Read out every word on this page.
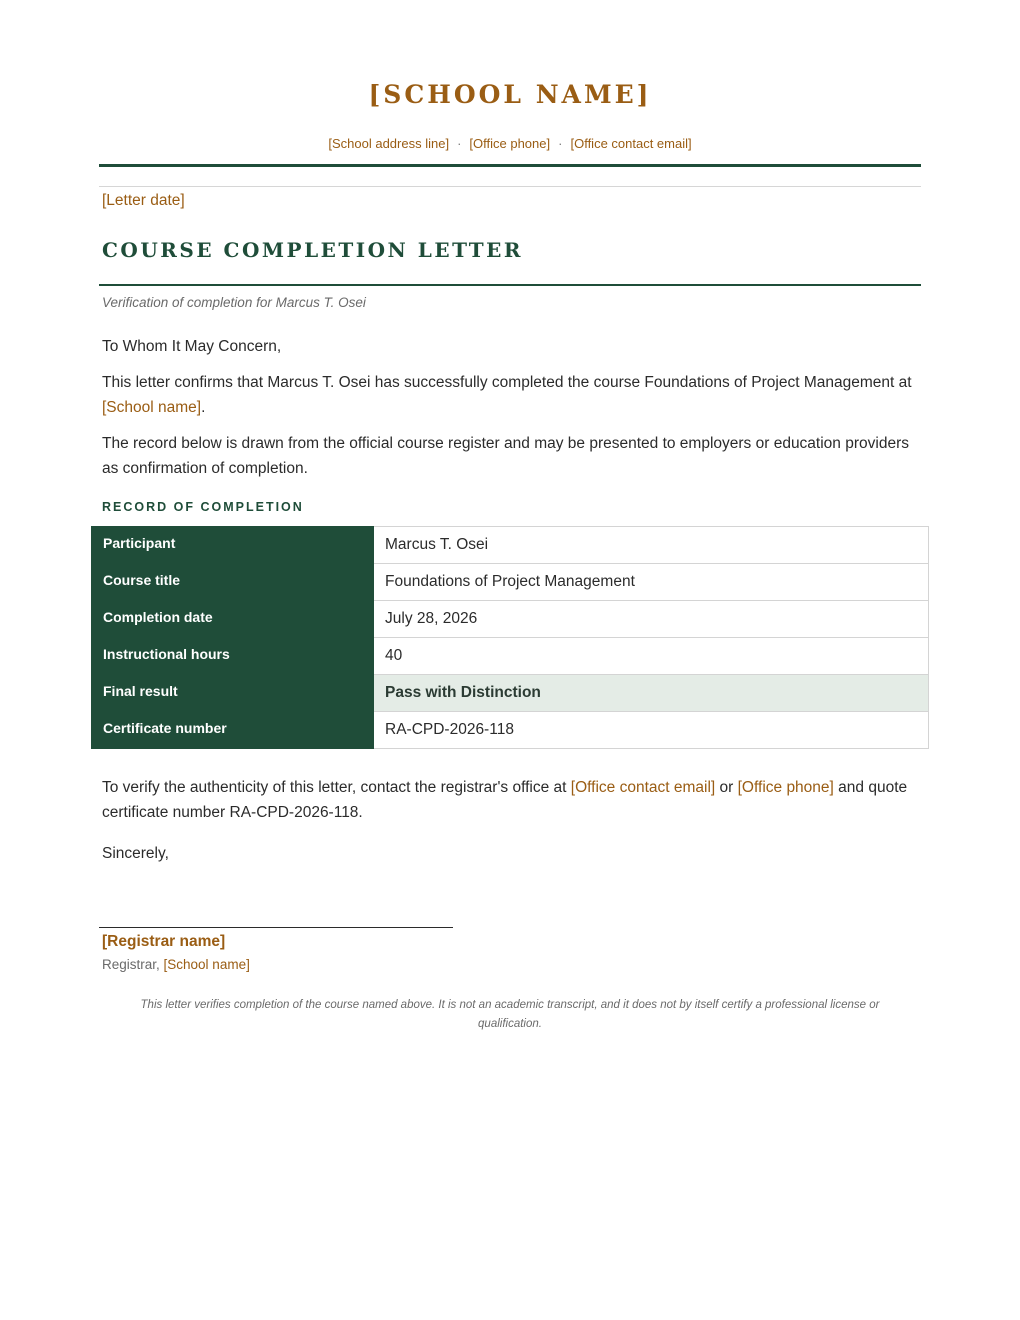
[SCHOOL NAME]
[School address line] · [Office phone] · [Office contact email]
[Letter date]
COURSE COMPLETION LETTER
Verification of completion for Marcus T. Osei
To Whom It May Concern,
This letter confirms that Marcus T. Osei has successfully completed the course Foundations of Project Management at [School name].
The record below is drawn from the official course register and may be presented to employers or education providers as confirmation of completion.
RECORD OF COMPLETION
Participant	Marcus T. Osei
Course title	Foundations of Project Management
Completion date	July 28, 2026
Instructional hours	40
Final result	Pass with Distinction
Certificate number	RA-CPD-2026-118
To verify the authenticity of this letter, contact the registrar's office at [Office contact email] or [Office phone] and quote certificate number RA-CPD-2026-118.
Sincerely,
[Registrar name]
Registrar, [School name]
This letter verifies completion of the course named above. It is not an academic transcript, and it does not by itself certify a professional license or qualification.
